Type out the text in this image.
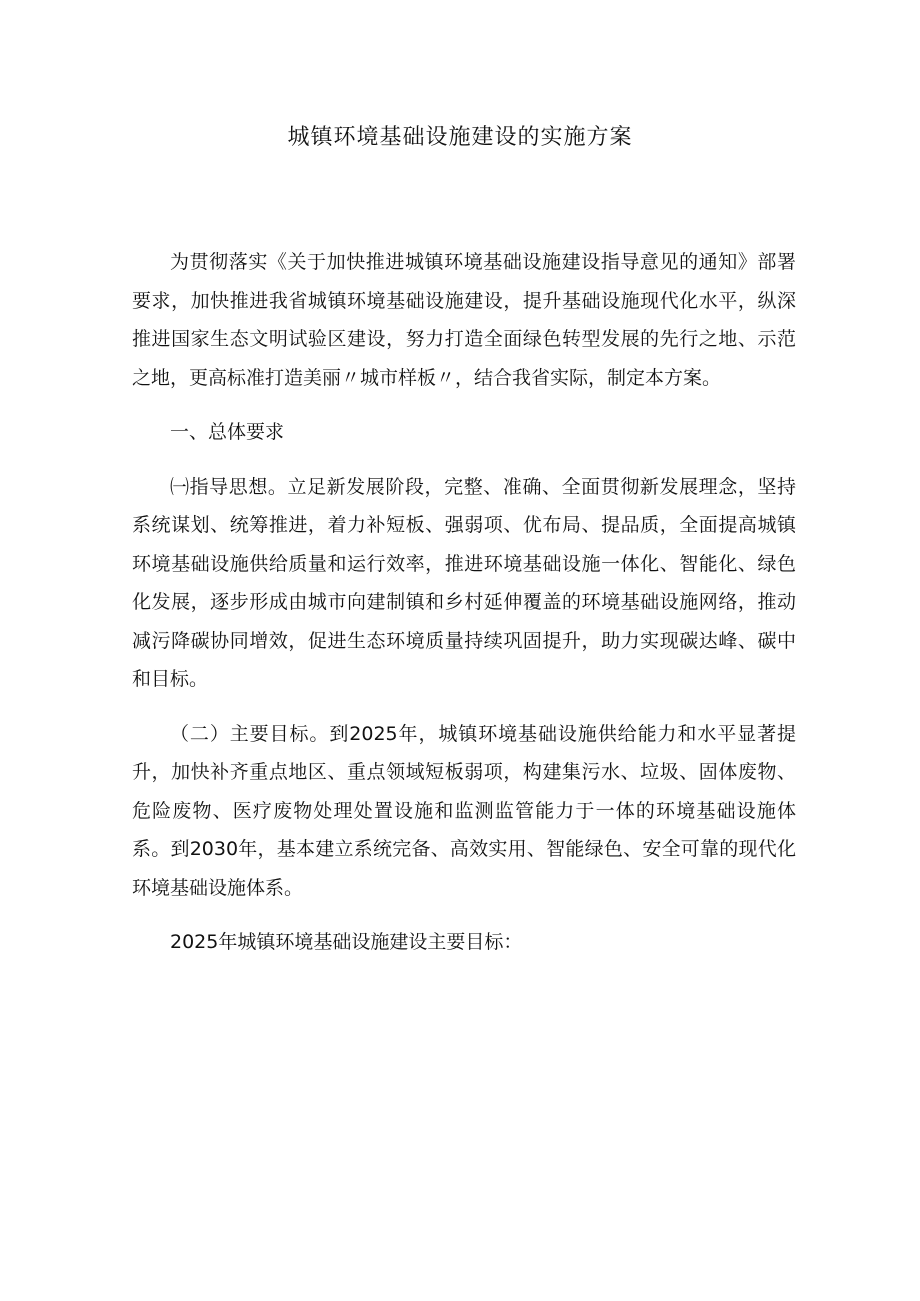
城镇环境基础设施建设的实施方案

为贯彻落实《关于加快推进城镇环境基础设施建设指导意见的通知》部署要求，加快推进我省城镇环境基础设施建设，提升基础设施现代化水平，纵深推进国家生态文明试验区建设，努力打造全面绿色转型发展的先行之地、示范之地，更高标准打造美丽〃城市样板〃，结合我省实际，制定本方案。

一、总体要求

㈠指导思想。立足新发展阶段，完整、准确、全面贯彻新发展理念，坚持系统谋划、统筹推进，着力补短板、强弱项、优布局、提品质，全面提高城镇环境基础设施供给质量和运行效率，推进环境基础设施一体化、智能化、绿色化发展，逐步形成由城市向建制镇和乡村延伸覆盖的环境基础设施网络，推动减污降碳协同增效，促进生态环境质量持续巩固提升，助力实现碳达峰、碳中和目标。

（二）主要目标。到2025年，城镇环境基础设施供给能力和水平显著提升，加快补齐重点地区、重点领域短板弱项，构建集污水、垃圾、固体废物、危险废物、医疗废物处理处置设施和监测监管能力于一体的环境基础设施体系。到2030年，基本建立系统完备、高效实用、智能绿色、安全可靠的现代化环境基础设施体系。

2025年城镇环境基础设施建设主要目标：
